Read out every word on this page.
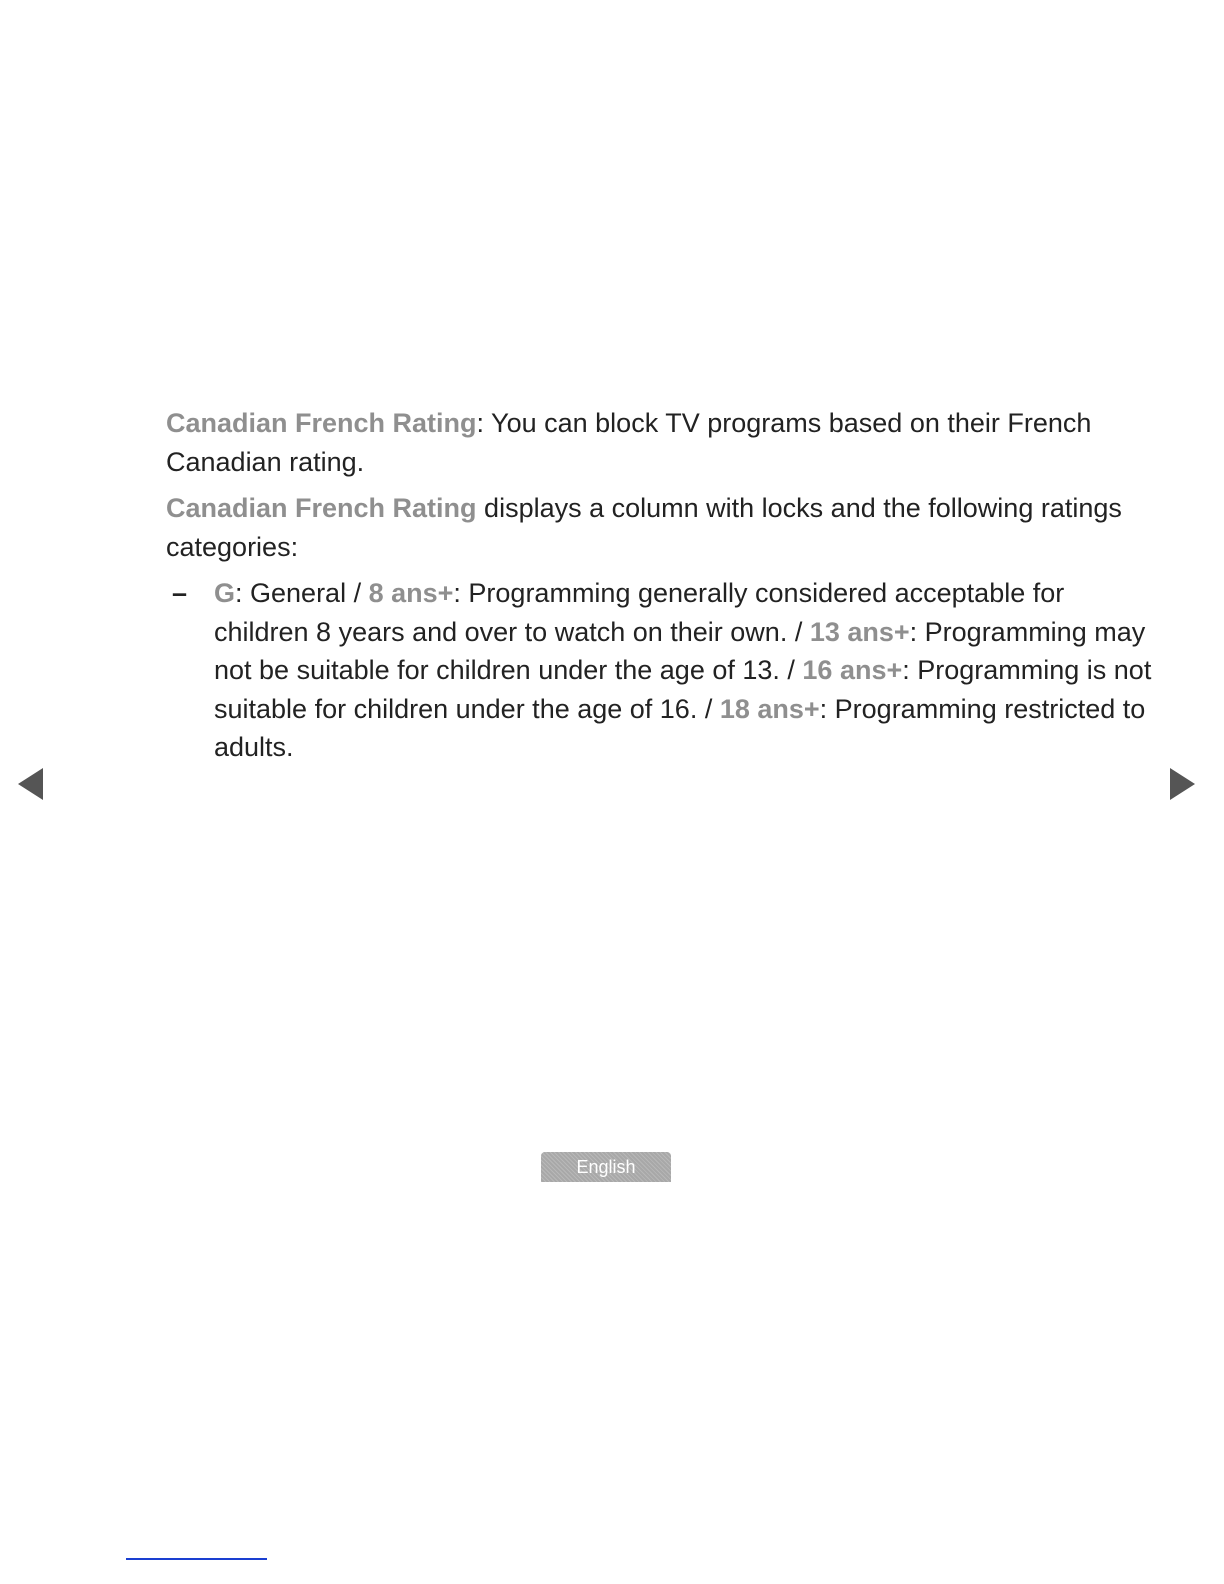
Canadian French Rating: You can block TV programs based on their French Canadian rating.

Canadian French Rating displays a column with locks and the following ratings categories:

– G: General / 8 ans+: Programming generally considered acceptable for children 8 years and over to watch on their own. / 13 ans+: Programming may not be suitable for children under the age of 13. / 16 ans+: Programming is not suitable for children under the age of 16. / 18 ans+: Programming restricted to adults.
English
